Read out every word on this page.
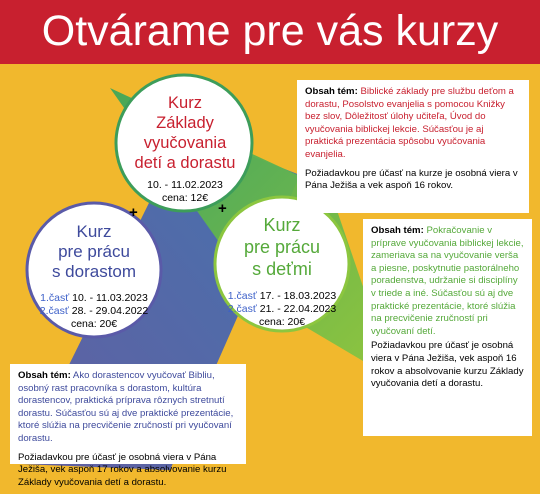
Otvárame pre vás kurzy
Kurz
Základy
vyučovania
detí a dorastu
10. - 11.02.2023
cena: 12€
Kurz
pre prácu
s dorastom
1.časť 10. - 11.03.2023
2.časť 28. - 29.04.2022
cena: 20€
Kurz
pre prácu
s deťmi
1.časť 17. - 18.03.2023
2.časť 21. - 22.04.2023
cena: 20€
+	+

Obsah tém: Biblické základy pre službu deťom a dorastu, Posolstvo evanjelia s pomocou Knižky bez slov, Dôležitosť úlohy učiteľa, Úvod do vyučovania biblickej lekcie. Súčasťou je aj praktická prezentácia spôsobu vyučovania evanjelia.

Požiadavkou pre účasť na kurze je osobná viera v Pána Ježiša a vek aspoň 16 rokov.

Obsah tém: Pokračovanie v príprave vyučovania biblickej lekcie, zameriava sa na vyučovanie verša a piesne, poskytnutie pastorálneho poradenstva, udržanie si disciplíny v triede a iné. Súčasťou sú aj dve praktické prezentácie, ktoré slúžia na precvičenie zručností pri vyučovaní detí.

Požiadavkou pre účasť je osobná viera v Pána Ježiša, vek aspoň 16 rokov a absolvovanie kurzu Základy vyučovania detí a dorastu.

Obsah tém: Ako dorastencov vyučovať Bibliu, osobný rast pracovníka s dorastom, kultúra dorastencov, praktická príprava rôznych stretnutí dorastu. Súčasťou sú aj dve praktické prezentácie, ktoré slúžia na precvičenie zručností pri vyučovaní dorastu.

Požiadavkou pre účasť je osobná viera v Pána Ježiša, vek aspoň 17 rokov a absolvovanie kurzu Základy vyučovania detí a dorastu.
